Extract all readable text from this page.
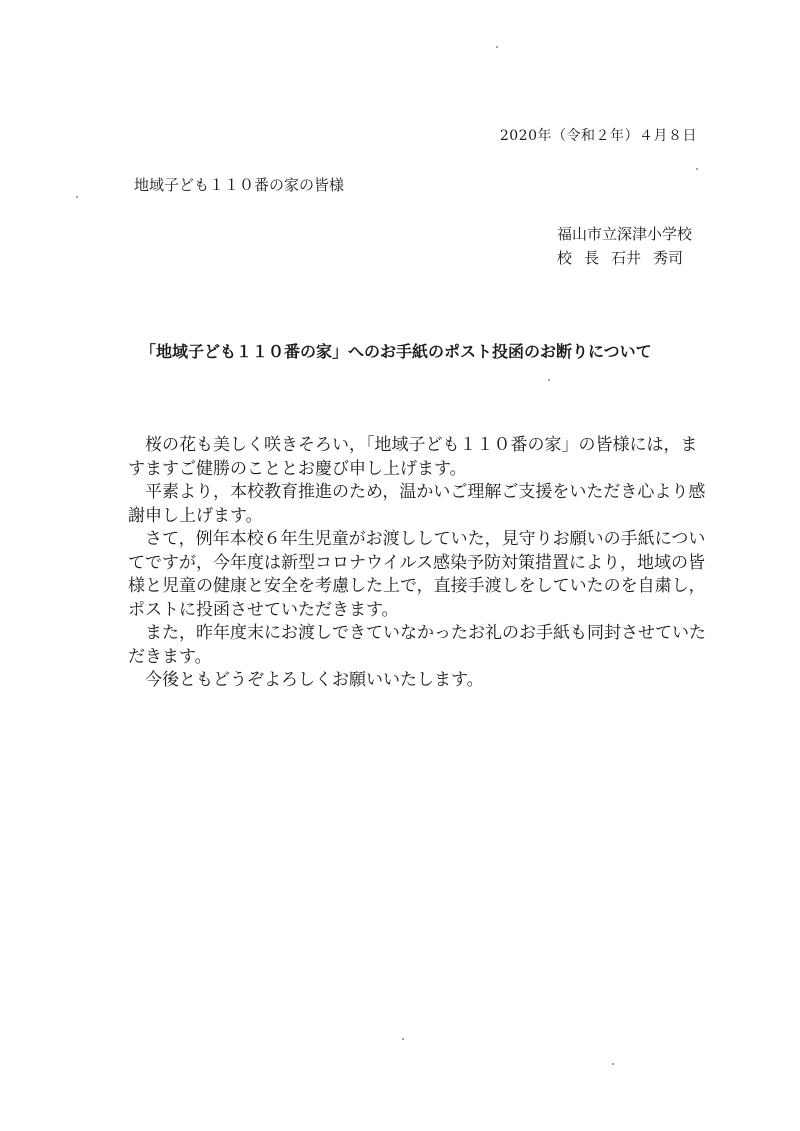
2020年（令和２年）４月８日
地域子ども１１０番の家の皆様
福山市立深津小学校
校 長 石井 秀司
「地域子ども１１０番の家」へのお手紙のポスト投函のお断りについて

桜の花も美しく咲きそろい，「地域子ども１１０番の家」の皆様には，ますますご健勝のこととお慶び申し上げます。

平素より，本校教育推進のため，温かいご理解ご支援をいただき心より感謝申し上げます。

さて，例年本校６年生児童がお渡ししていた，見守りお願いの手紙についてですが，今年度は新型コロナウイルス感染予防対策措置により，地域の皆様と児童の健康と安全を考慮した上で，直接手渡しをしていたのを自粛し，ポストに投函させていただきます。

また，昨年度末にお渡しできていなかったお礼のお手紙も同封させていただきます。

今後ともどうぞよろしくお願いいたします。
